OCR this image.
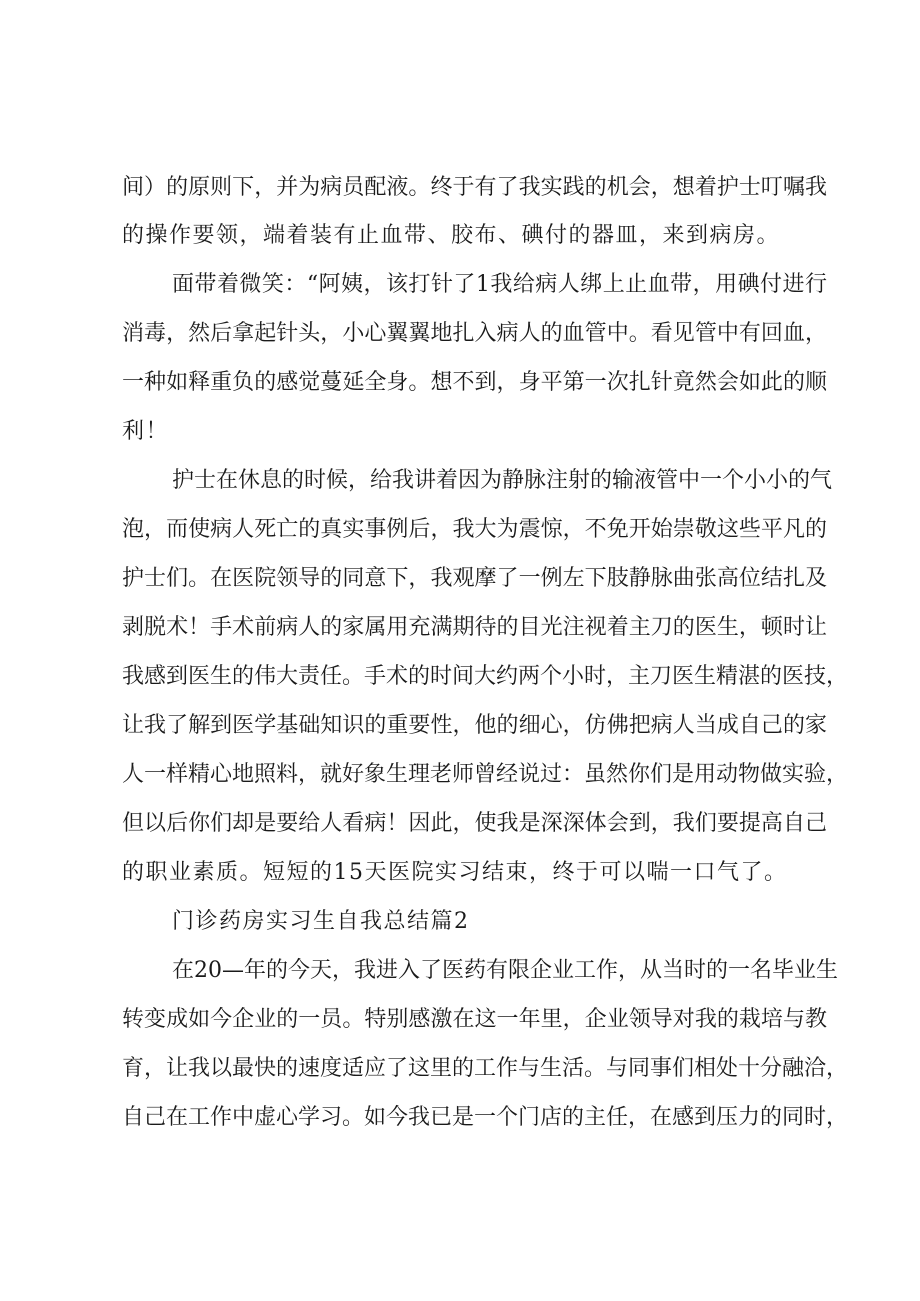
间）的原则下，并为病员配液。终于有了我实践的机会，想着护士叮嘱我
的操作要领，端着装有止血带、胶布、碘付的器皿，来到病房。
面带着微笑：“阿姨，该打针了1我给病人绑上止血带，用碘付进行
消毒，然后拿起针头，小心翼翼地扎入病人的血管中。看见管中有回血，
一种如释重负的感觉蔓延全身。想不到，身平第一次扎针竟然会如此的顺
利！
护士在休息的时候，给我讲着因为静脉注射的输液管中一个小小的气
泡，而使病人死亡的真实事例后，我大为震惊，不免开始崇敬这些平凡的
护士们。在医院领导的同意下，我观摩了一例左下肢静脉曲张高位结扎及
剥脱术！手术前病人的家属用充满期待的目光注视着主刀的医生，顿时让
我感到医生的伟大责任。手术的时间大约两个小时，主刀医生精湛的医技，
让我了解到医学基础知识的重要性，他的细心，仿佛把病人当成自己的家
人一样精心地照料，就好象生理老师曾经说过：虽然你们是用动物做实验，
但以后你们却是要给人看病！因此，使我是深深体会到，我们要提高自己
的职业素质。短短的15天医院实习结束，终于可以喘一口气了。
门诊药房实习生自我总结篇2
在20—年的今天，我进入了医药有限企业工作，从当时的一名毕业生
转变成如今企业的一员。特别感激在这一年里，企业领导对我的栽培与教
育，让我以最快的速度适应了这里的工作与生活。与同事们相处十分融洽，
自己在工作中虚心学习。如今我已是一个门店的主任，在感到压力的同时，
